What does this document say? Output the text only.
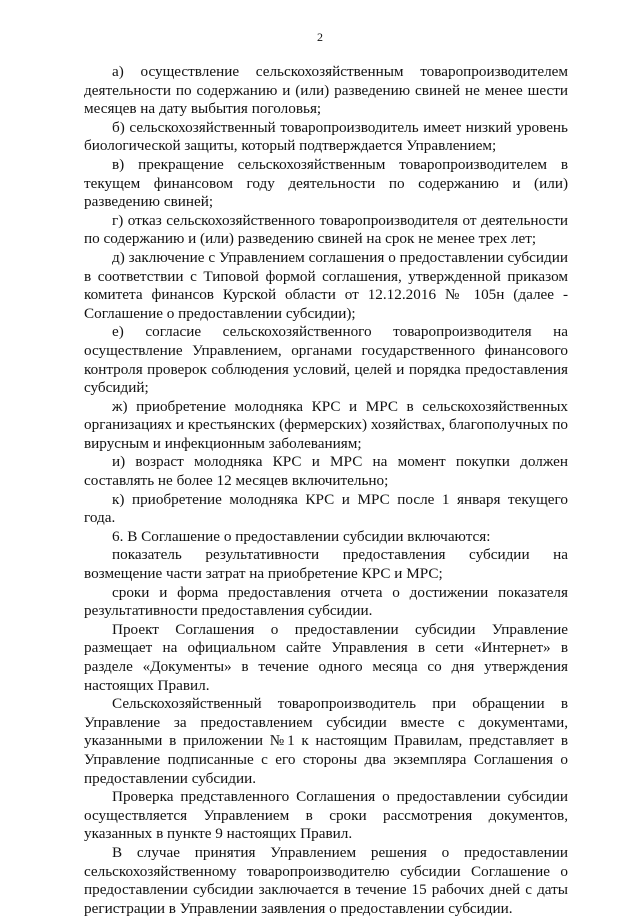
2

а) осуществление сельскохозяйственным товаропроизводителем деятельности по содержанию и (или) разведению свиней не менее шести месяцев на дату выбытия поголовья;

б) сельскохозяйственный товаропроизводитель имеет низкий уровень биологической защиты, который подтверждается Управлением;

в) прекращение сельскохозяйственным товаропроизводителем в текущем финансовом году деятельности по содержанию и (или) разведению свиней;

г) отказ сельскохозяйственного товаропроизводителя от деятельности по содержанию и (или) разведению свиней на срок не менее трех лет;

д) заключение с Управлением соглашения о предоставлении субсидии в соответствии с Типовой формой соглашения, утвержденной приказом комитета финансов Курской области от 12.12.2016 № 105н (далее - Соглашение о предоставлении субсидии);

е) согласие сельскохозяйственного товаропроизводителя на осуществление Управлением, органами государственного финансового контроля проверок соблюдения условий, целей и порядка предоставления субсидий;

ж) приобретение молодняка КРС и МРС в сельскохозяйственных организациях и крестьянских (фермерских) хозяйствах, благополучных по вирусным и инфекционным заболеваниям;

и) возраст молодняка КРС и МРС на момент покупки должен составлять не более 12 месяцев включительно;

к) приобретение молодняка КРС и МРС после 1 января текущего года.

6. В Соглашение о предоставлении субсидии включаются:

показатель результативности предоставления субсидии на возмещение части затрат на приобретение КРС и МРС;

сроки и форма предоставления отчета о достижении показателя результативности предоставления субсидии.

Проект Соглашения о предоставлении субсидии Управление размещает на официальном сайте Управления в сети «Интернет» в разделе «Документы» в течение одного месяца со дня утверждения настоящих Правил.

Сельскохозяйственный товаропроизводитель при обращении в Управление за предоставлением субсидии вместе с документами, указанными в приложении №1 к настоящим Правилам, представляет в Управление подписанные с его стороны два экземпляра Соглашения о предоставлении субсидии.

Проверка представленного Соглашения о предоставлении субсидии осуществляется Управлением в сроки рассмотрения документов, указанных в пункте 9 настоящих Правил.

В случае принятия Управлением решения о предоставлении сельскохозяйственному товаропроизводителю субсидии Соглашение о предоставлении субсидии заключается в течение 15 рабочих дней с даты регистрации в Управлении заявления о предоставлении субсидии.
